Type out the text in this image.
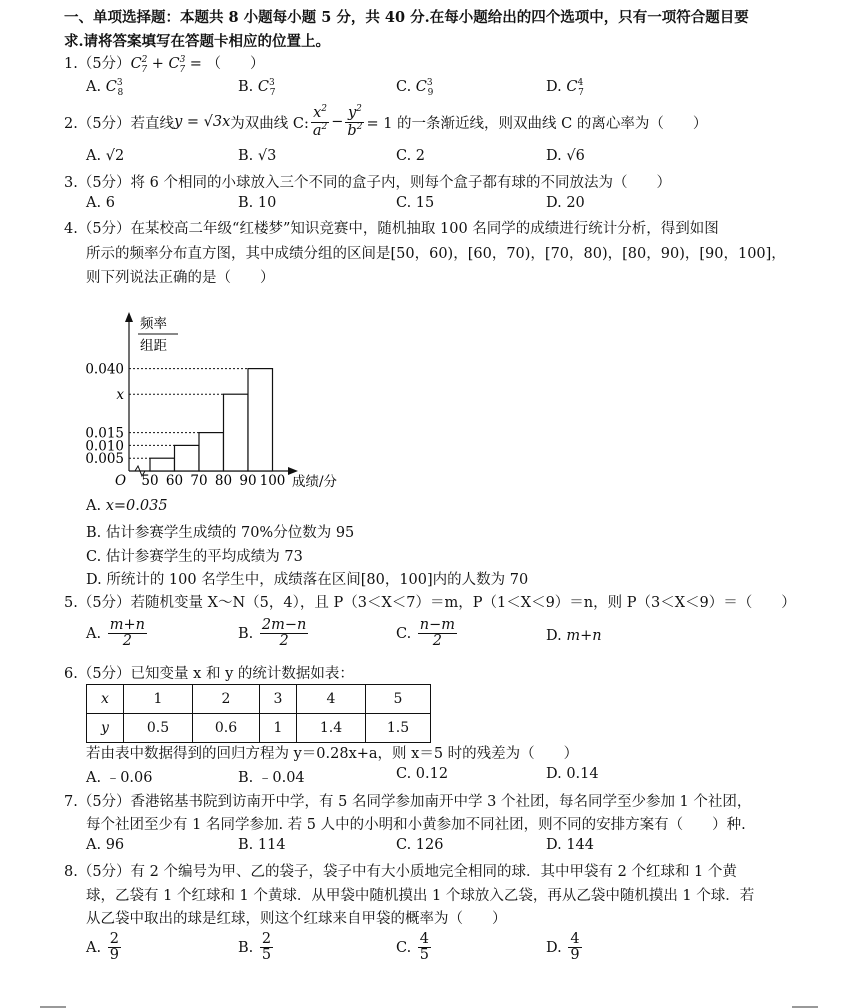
一、单项选择题：本题共 8 小题每小题 5 分，共 40 分.在每小题给出的四个选项中，只有一项符合题目要
求.请将答案填写在答题卡相应的位置上。
1.（5分）$C^2_7 + C^3_7$ = （　　）
A. $C^3_8$	B. $C^3_7$	C. $C^3_9$	D. $C^4_7$
2.（5分）若直线 y = √3x 为双曲线 C: $\frac{x^2}{a^2} - \frac{y^2}{b^2} = 1$ 的一条渐近线，则双曲线 C 的离心率为（　　）
A. √2	B. √3	C. 2	D. √6
3.（5分）将 6 个相同的小球放入三个不同的盒子内，则每个盒子都有球的不同放法为（　　）
A. 6	B. 10	C. 15	D. 20
4.（5分）在某校高二年级“红楼梦”知识竞赛中，随机抽取 100 名同学的成绩进行统计分析，得到如图
所示的频率分布直方图，其中成绩分组的区间是[50，60)，[60，70)，[70，80)，[80，90)，[90，100]，
则下列说法正确的是（　　）
频率
组距
O	成绩/分
0.040
x
0.015
0.010
0.005
50 60 70 80 90 100
A. x=0.035
B. 估计参赛学生成绩的 70%分位数为 95
C. 估计参赛学生的平均成绩为 73
D. 所统计的 100 名学生中，成绩落在区间[80，100]内的人数为 70
5.（5分）若随机变量 X～N（5，4），且 P（3＜X＜7）＝m，P（1＜X＜9）＝n，则 P（3＜X＜9）＝（　　）
A.
$\frac{m+n}{2}$	B.
$\frac{2m-n}{2}$	C.
$\frac{n-m}{2}$	D. m+n
6.（5分）已知变量 x 和 y 的统计数据如表：
x	1	2	3	4	5
y	0.5	0.6	1	1.4	1.5
若由表中数据得到的回归方程为 y＝0.28x+a，则 x＝5 时的残差为（　　）
A. ﹣0.06	B. ﹣0.04	C. 0.12	D. 0.14
7.（5分）香港铭基书院到访南开中学，有 5 名同学参加南开中学 3 个社团，每名同学至少参加 1 个社团，
每个社团至少有 1 名同学参加. 若 5 人中的小明和小黄参加不同社团，则不同的安排方案有（　　）种.
A. 96	B. 114	C. 126	D. 144
8.（5分）有 2 个编号为甲、乙的袋子，袋子中有大小质地完全相同的球．其中甲袋有 2 个红球和 1 个黄
球，乙袋有 1 个红球和 1 个黄球．从甲袋中随机摸出 1 个球放入乙袋，再从乙袋中随机摸出 1 个球．若
从乙袋中取出的球是红球，则这个红球来自甲袋的概率为（　　）
A.
$\frac{2}{9}$	B.
$\frac{2}{5}$	C.
$\frac{4}{5}$	D.
$\frac{4}{9}$
